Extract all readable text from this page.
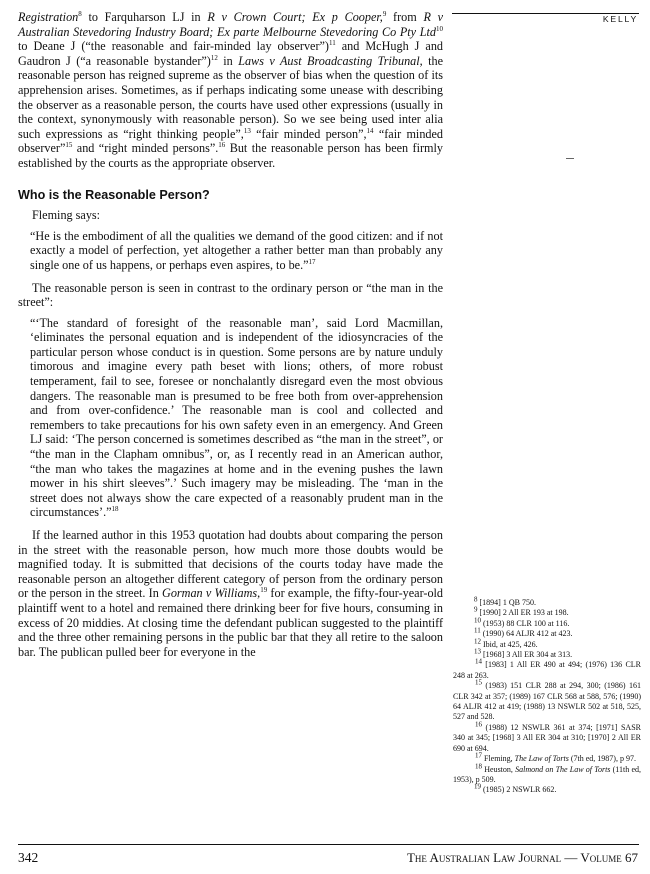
KELLY

Registration$^8$ to Farquharson LJ in R v Crown Court; Ex p Cooper,$^9$ from R v Australian Stevedoring Industry Board; Ex parte Melbourne Stevedoring Co Pty Ltd$^{10}$ to Deane J (“the reasonable and fair-minded lay observer”)$^{11}$ and McHugh J and Gaudron J (“a reasonable bystander”)$^{12}$ in Laws v Aust Broadcasting Tribunal, the reasonable person has reigned supreme as the observer of bias when the question of its apprehension arises. Sometimes, as if perhaps indicating some unease with describing the observer as a reasonable person, the courts have used other expressions (usually in the context, synonymously with reasonable person). So we see being used inter alia such expressions as “right thinking people”,$^{13}$ “fair minded person”,$^{14}$ “fair minded observer”$^{15}$ and “right minded persons”.$^{16}$ But the reasonable person has been firmly established by the courts as the appropriate observer.

Who is the Reasonable Person?

Fleming says:

“He is the embodiment of all the qualities we demand of the good citizen: and if not exactly a model of perfection, yet altogether a rather better man than probably any single one of us happens, or perhaps even aspires, to be.”$^{17}$

The reasonable person is seen in contrast to the ordinary person or “the man in the street”:

“‘The standard of foresight of the reasonable man’, said Lord Macmillan, ‘eliminates the personal equation and is independent of the idiosyncracies of the particular person whose conduct is in question. Some persons are by nature unduly timorous and imagine every path beset with lions; others, of more robust temperament, fail to see, foresee or nonchalantly disregard even the most obvious dangers. The reasonable man is presumed to be free both from over-apprehension and from over-confidence.’ The reasonable man is cool and collected and remembers to take precautions for his own safety even in an emergency. And Green LJ said: ‘The person concerned is sometimes described as “the man in the street”, or “the man in the Clapham omnibus”, or, as I recently read in an American author, “the man who takes the magazines at home and in the evening pushes the lawn mower in his shirt sleeves”.’ Such imagery may be misleading. The ‘man in the street does not always show the care expected of a reasonably prudent man in the circumstances’.”$^{18}$

If the learned author in this 1953 quotation had doubts about comparing the person in the street with the reasonable person, how much more those doubts would be magnified today. It is submitted that decisions of the courts today have made the reasonable person an altogether different category of person from the ordinary person or the person in the street. In Gorman v Williams,$^{19}$ for example, the fifty-four-year-old plaintiff went to a hotel and remained there drinking beer for five hours, consuming in excess of 20 middies. At closing time the defendant publican suggested to the plaintiff and the three other remaining persons in the public bar that they all retire to the saloon bar. The publican pulled beer for everyone in the

$^8$ [1894] 1 QB 750.
$^9$ [1990] 2 All ER 193 at 198.
$^{10}$ (1953) 88 CLR 100 at 116.
$^{11}$ (1990) 64 ALJR 412 at 423.
$^{12}$ Ibid, at 425, 426.
$^{13}$ [1968] 3 All ER 304 at 313.
$^{14}$ [1983] 1 All ER 490 at 494; (1976) 136 CLR 248 at 263.
$^{15}$ (1983) 151 CLR 288 at 294, 300; (1986) 161 CLR 342 at 357; (1989) 167 CLR 568 at 588, 576; (1990) 64 ALJR 412 at 419; (1988) 13 NSWLR 502 at 518, 525, 527 and 528.
$^{16}$ (1988) 12 NSWLR 361 at 374; [1971] SASR 340 at 345; [1968] 3 All ER 304 at 310; [1970] 2 All ER 690 at 694.
$^{17}$ Fleming, The Law of Torts (7th ed, 1987), p 97.
$^{18}$ Heuston, Salmond on The Law of Torts (11th ed, 1953), p 509.
$^{19}$ (1985) 2 NSWLR 662.
342	The Australian Law Journal — Volume 67
